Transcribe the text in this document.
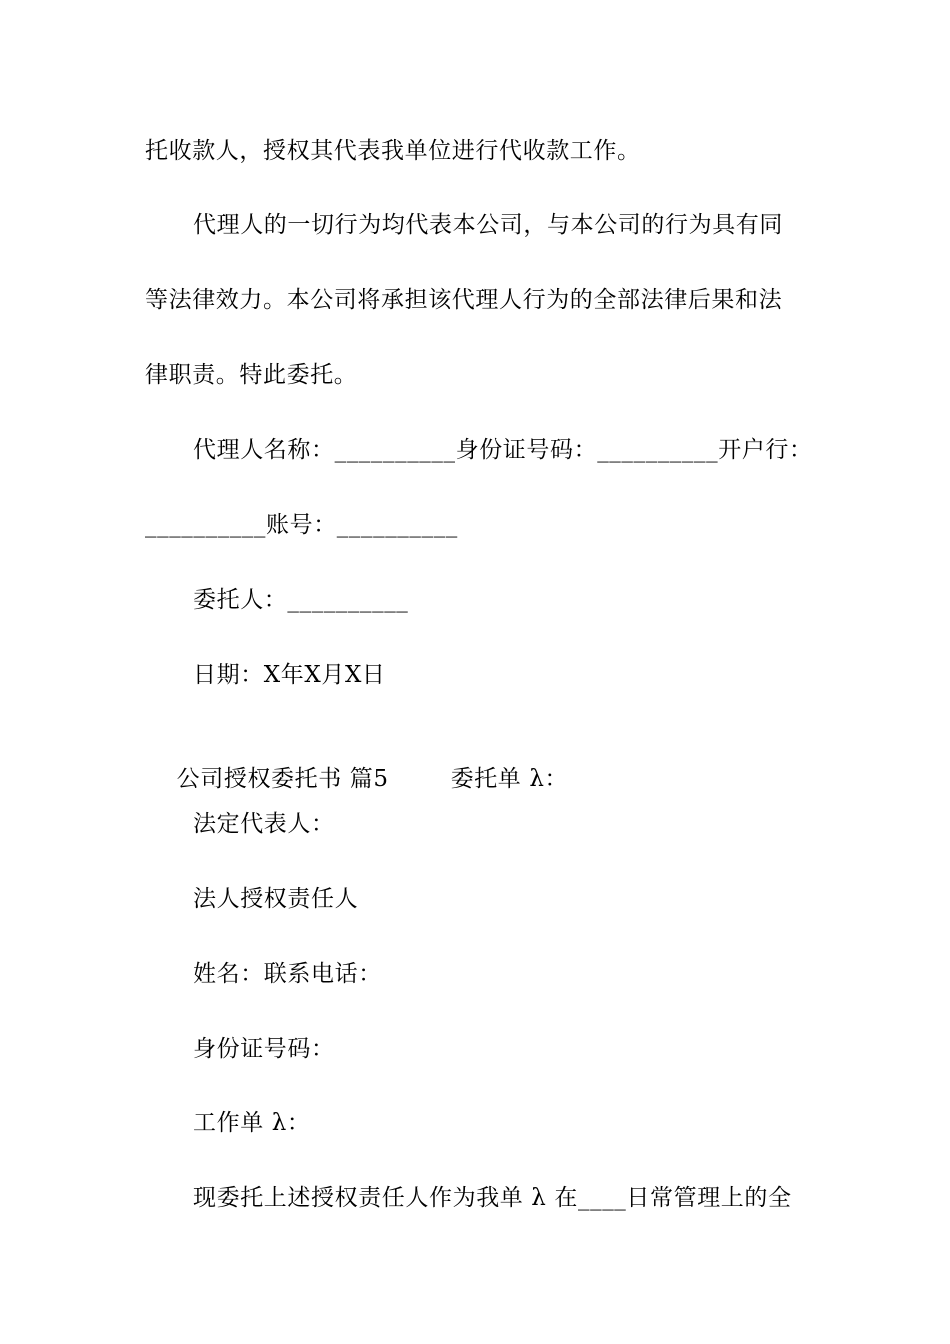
托收款人，授权其代表我单位进行代收款工作。
代理人的一切行为均代表本公司，与本公司的行为具有同
等法律效力。本公司将承担该代理人行为的全部法律后果和法
律职责。特此委托。
代理人名称：__________身份证号码：__________开户行：
__________账号：__________
委托人：__________
日期：X年X月X日

公司授权委托书 篇5	委托单 λ：

法定代表人：
法人授权责任人
姓名：联系电话：
身份证号码：
工作单 λ：
现委托上述授权责任人作为我单 λ 在____日常管理上的全
